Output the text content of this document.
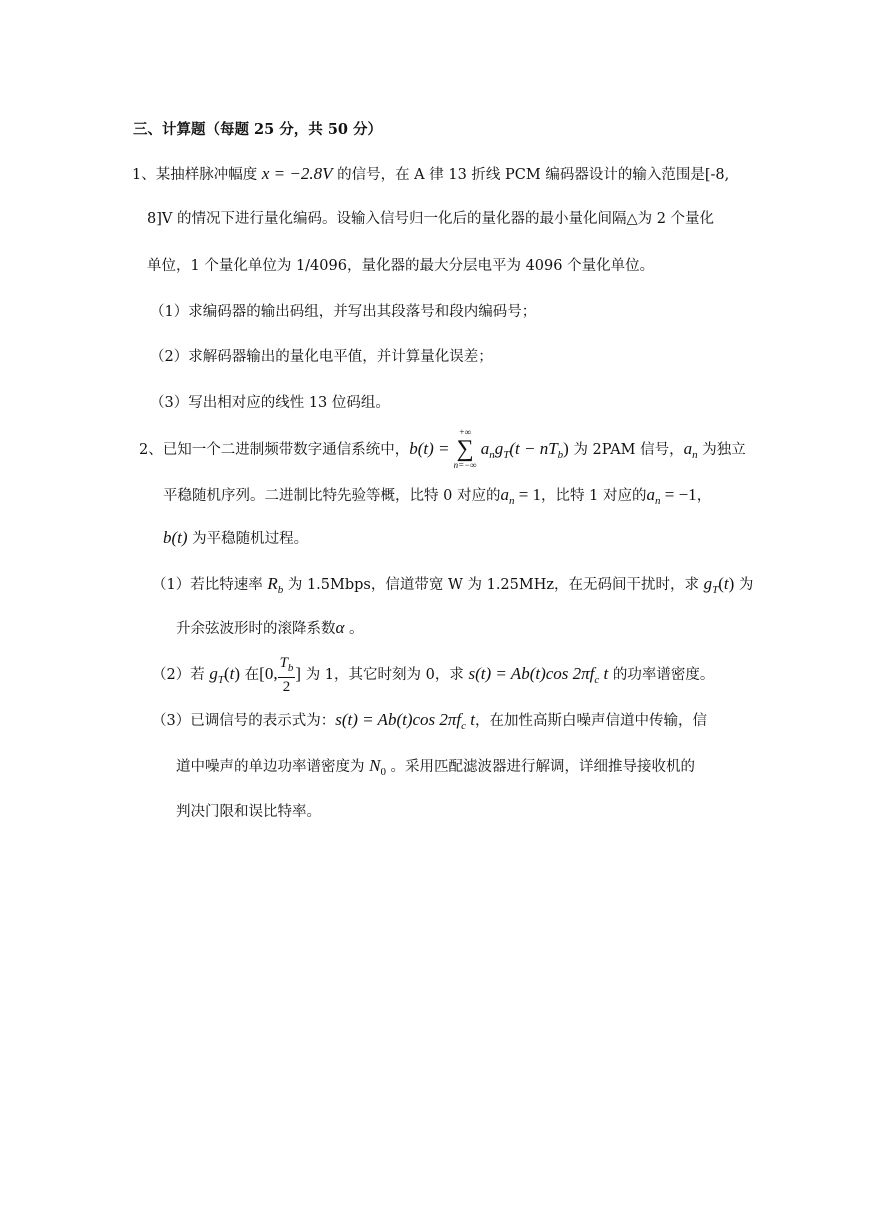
三、计算题（每题 25 分，共 50 分）
1、某抽样脉冲幅度 x = −2.8V 的信号，在 A 律 13 折线 PCM 编码器设计的输入范围是[-8,
8]V 的情况下进行量化编码。设输入信号归一化后的量化器的最小量化间隔△为 2 个量化
单位，1 个量化单位为 1/4096，量化器的最大分层电平为 4096 个量化单位。
（1）求编码器的输出码组，并写出其段落号和段内编码号；
（2）求解码器输出的量化电平值，并计算量化误差；
（3）写出相对应的线性 13 位码组。
2、已知一个二进制频带数字通信系统中，b(t) =
+∞
∑
n=−∞
$a_ng_T(t - nT_b)$ 为 2PAM 信号，$a_n$ 为独立
平稳随机序列。二进制比特先验等概，比特 0 对应的$a_n = 1$，比特 1 对应的$a_n = -1$，
b(t) 为平稳随机过程。
（1）若比特速率 $R_b$ 为 1.5Mbps，信道带宽 W 为 1.25MHz，在无码间干扰时，求 $g_T(t)$ 为
升余弦波形时的滚降系数α 。
（2）若 $g_T(t)$ 在[0, $\frac{T_b}{2}$ ] 为 1，其它时刻为 0，求 s(t) = Ab(t)cos $2\pi f_c$ t 的功率谱密度。
（3）已调信号的表示式为：s(t) = Ab(t)cos $2\pi f_c$ t，在加性高斯白噪声信道中传输，信
道中噪声的单边功率谱密度为 $N_0$ 。采用匹配滤波器进行解调，详细推导接收机的
判决门限和误比特率。
